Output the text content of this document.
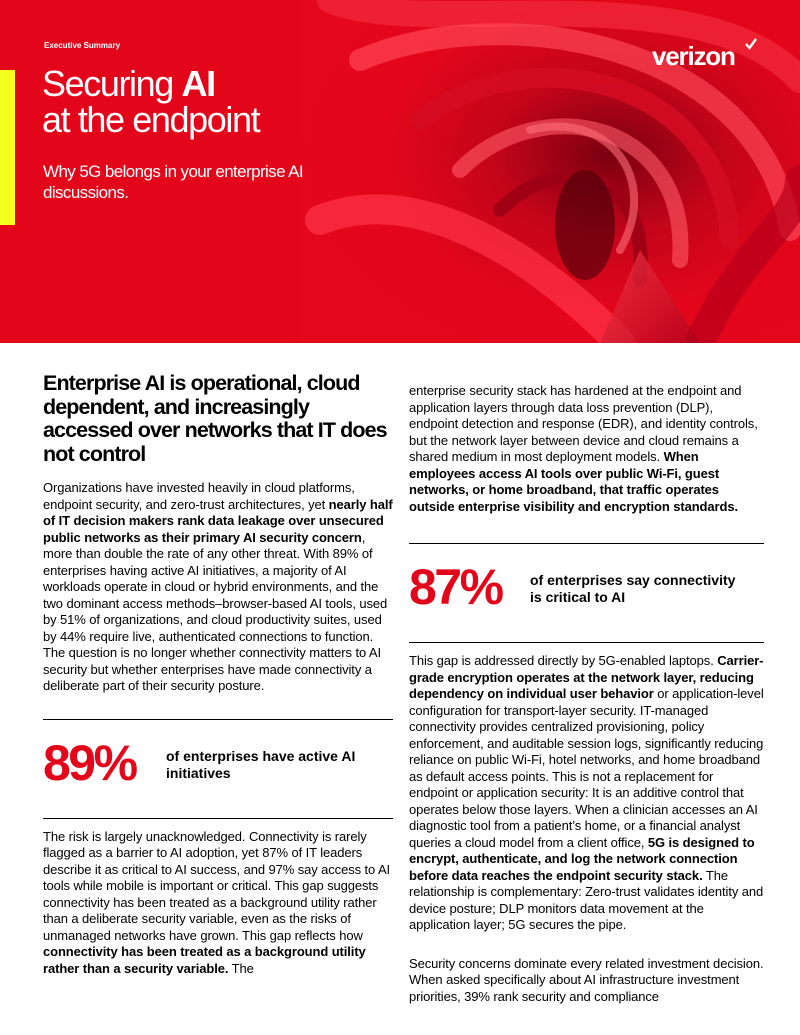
Executive Summary
Securing AI
at the endpoint

Why 5G belongs in your enterprise AI discussions.

verizon
Enterprise AI is operational, cloud dependent, and increasingly accessed over networks that IT does not control

Organizations have invested heavily in cloud platforms, endpoint security, and zero-trust architectures, yet nearly half of IT decision makers rank data leakage over unsecured public networks as their primary AI security concern, more than double the rate of any other threat. With 89% of enterprises having active AI initiatives, a majority of AI workloads operate in cloud or hybrid environments, and the two dominant access methods–browser-based AI tools, used by 51% of organizations, and cloud productivity suites, used by 44% require live, authenticated connections to function. The question is no longer whether connectivity matters to AI security but whether enterprises have made connectivity a deliberate part of their security posture.

89% of enterprises have active AI initiatives

The risk is largely unacknowledged. Connectivity is rarely flagged as a barrier to AI adoption, yet 87% of IT leaders describe it as critical to AI success, and 97% say access to AI tools while mobile is important or critical. This gap suggests connectivity has been treated as a background utility rather than a deliberate security variable, even as the risks of unmanaged networks have grown. This gap reflects how connectivity has been treated as a background utility rather than a security variable. The

enterprise security stack has hardened at the endpoint and application layers through data loss prevention (DLP), endpoint detection and response (EDR), and identity controls, but the network layer between device and cloud remains a shared medium in most deployment models. When employees access AI tools over public Wi-Fi, guest networks, or home broadband, that traffic operates outside enterprise visibility and encryption standards.

87% of enterprises say connectivity is critical to AI

This gap is addressed directly by 5G-enabled laptops. Carrier-grade encryption operates at the network layer, reducing dependency on individual user behavior or application-level configuration for transport-layer security. IT-managed connectivity provides centralized provisioning, policy enforcement, and auditable session logs, significantly reducing reliance on public Wi-Fi, hotel networks, and home broadband as default access points. This is not a replacement for endpoint or application security: It is an additive control that operates below those layers. When a clinician accesses an AI diagnostic tool from a patient’s home, or a financial analyst queries a cloud model from a client office, 5G is designed to encrypt, authenticate, and log the network connection before data reaches the endpoint security stack. The relationship is complementary: Zero-trust validates identity and device posture; DLP monitors data movement at the application layer; 5G secures the pipe.

Security concerns dominate every related investment decision. When asked specifically about AI infrastructure investment priorities, 39% rank security and compliance
